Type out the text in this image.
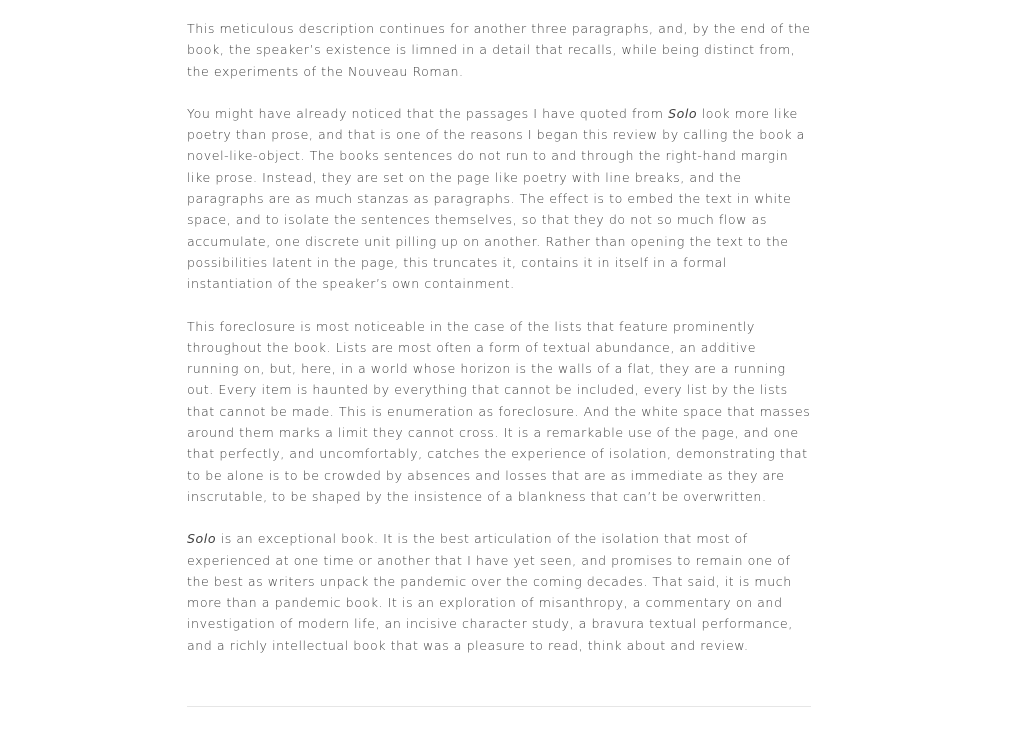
This meticulous description continues for another three paragraphs, and, by the end of the book, the speaker’s existence is limned in a detail that recalls, while being distinct from, the experiments of the Nouveau Roman.

You might have already noticed that the passages I have quoted from Solo look more like poetry than prose, and that is one of the reasons I began this review by calling the book a novel-like-object. The books sentences do not run to and through the right-hand margin like prose. Instead, they are set on the page like poetry with line breaks, and the paragraphs are as much stanzas as paragraphs. The effect is to embed the text in white space, and to isolate the sentences themselves, so that they do not so much flow as accumulate, one discrete unit pilling up on another. Rather than opening the text to the possibilities latent in the page, this truncates it, contains it in itself in a formal instantiation of the speaker’s own containment.

This foreclosure is most noticeable in the case of the lists that feature prominently throughout the book. Lists are most often a form of textual abundance, an additive running on, but, here, in a world whose horizon is the walls of a flat, they are a running out. Every item is haunted by everything that cannot be included, every list by the lists that cannot be made. This is enumeration as foreclosure. And the white space that masses around them marks a limit they cannot cross. It is a remarkable use of the page, and one that perfectly, and uncomfortably, catches the experience of isolation, demonstrating that to be alone is to be crowded by absences and losses that are as immediate as they are inscrutable, to be shaped by the insistence of a blankness that can’t be overwritten.

Solo is an exceptional book. It is the best articulation of the isolation that most of experienced at one time or another that I have yet seen, and promises to remain one of the best as writers unpack the pandemic over the coming decades. That said, it is much more than a pandemic book. It is an exploration of misanthropy, a commentary on and investigation of modern life, an incisive character study, a bravura textual performance, and a richly intellectual book that was a pleasure to read, think about and review.
